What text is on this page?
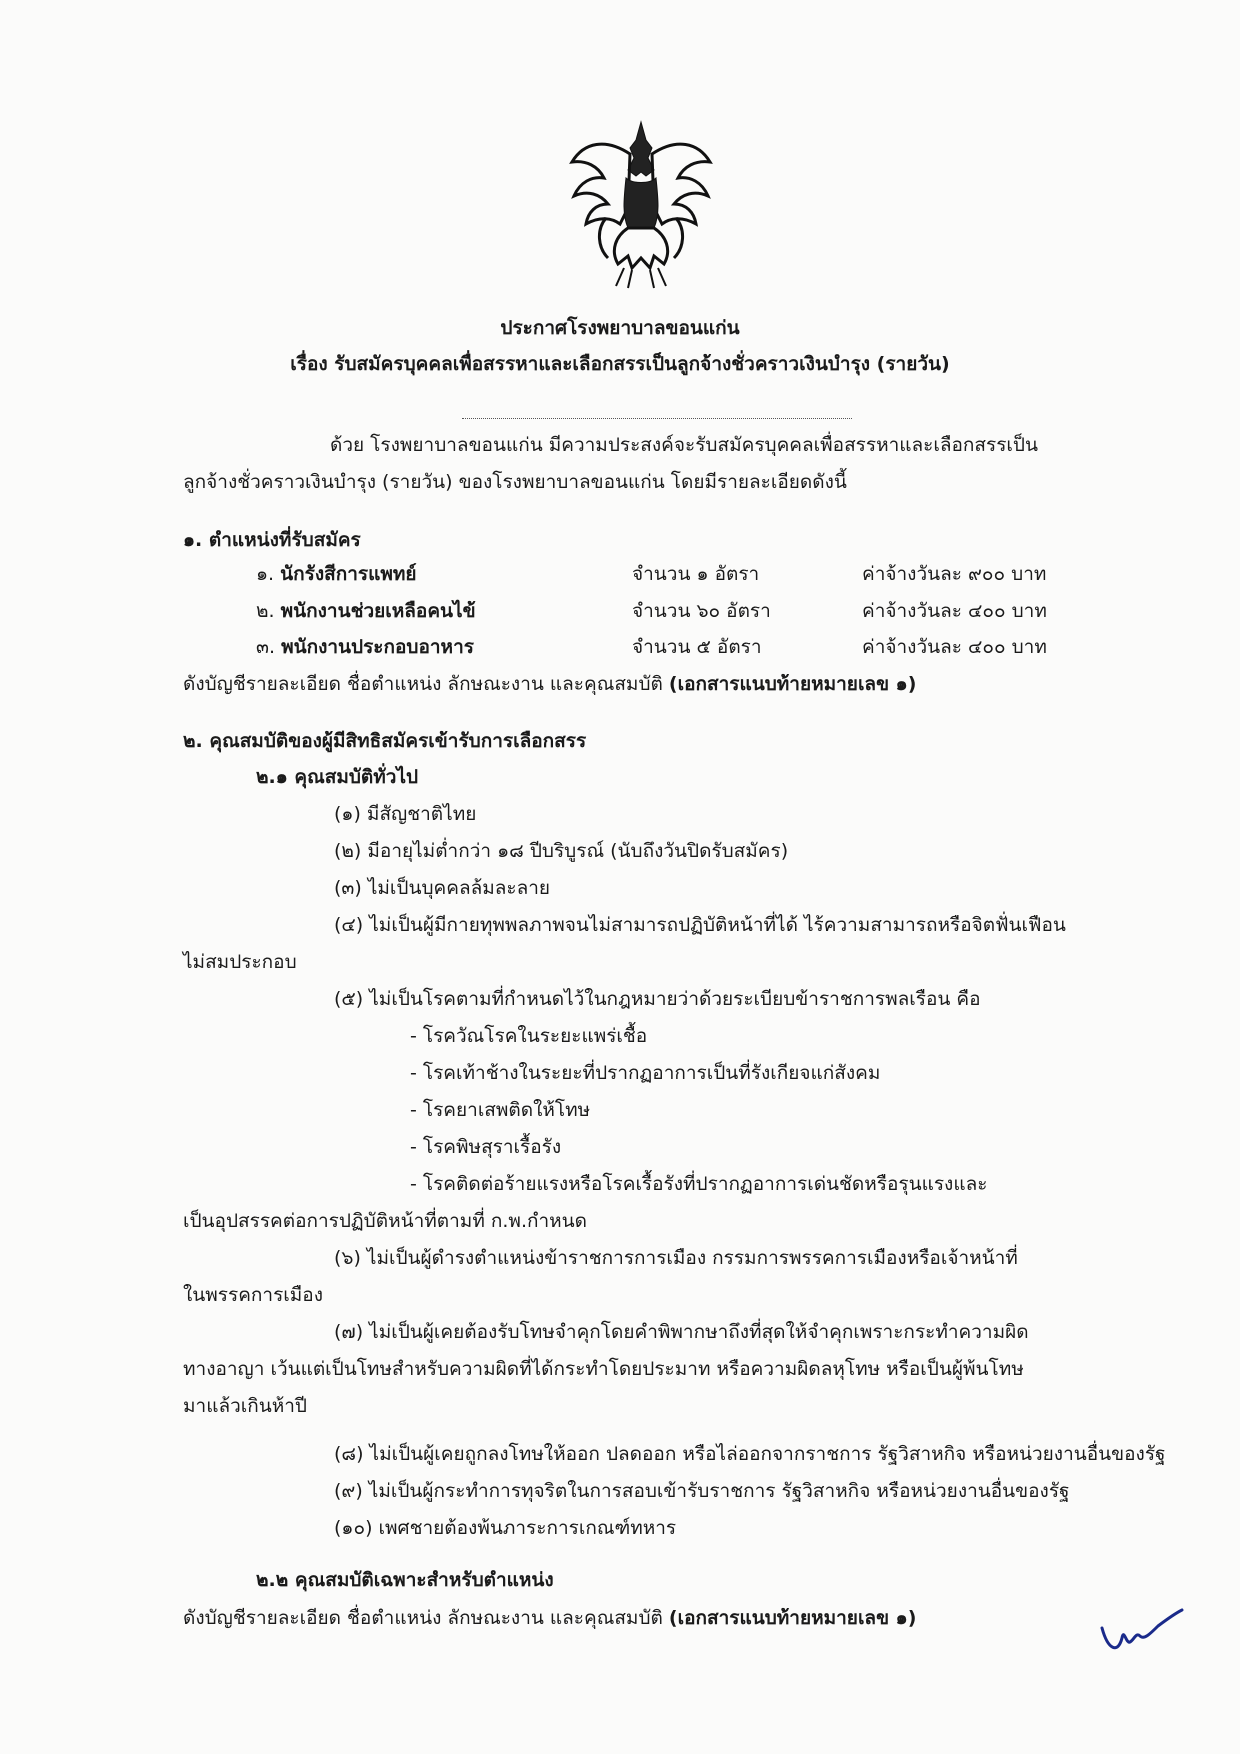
ประกาศโรงพยาบาลขอนแก่น
เรื่อง รับสมัครบุคคลเพื่อสรรหาและเลือกสรรเป็นลูกจ้างชั่วคราวเงินบำรุง (รายวัน)
ด้วย โรงพยาบาลขอนแก่น มีความประสงค์จะรับสมัครบุคคลเพื่อสรรหาและเลือกสรรเป็น
ลูกจ้างชั่วคราวเงินบำรุง (รายวัน) ของโรงพยาบาลขอนแก่น โดยมีรายละเอียดดังนี้
๑. ตำแหน่งที่รับสมัคร
๑. นักรังสีการแพทย์	จำนวน ๑ อัตรา	ค่าจ้างวันละ ๙๐๐ บาท
๒. พนักงานช่วยเหลือคนไข้	จำนวน ๖๐ อัตรา	ค่าจ้างวันละ ๔๐๐ บาท
๓. พนักงานประกอบอาหาร	จำนวน ๕ อัตรา	ค่าจ้างวันละ ๔๐๐ บาท
ดังบัญชีรายละเอียด ชื่อตำแหน่ง ลักษณะงาน และคุณสมบัติ (เอกสารแนบท้ายหมายเลข ๑)
๒. คุณสมบัติของผู้มีสิทธิสมัครเข้ารับการเลือกสรร
๒.๑ คุณสมบัติทั่วไป
(๑) มีสัญชาติไทย
(๒) มีอายุไม่ต่ำกว่า ๑๘ ปีบริบูรณ์ (นับถึงวันปิดรับสมัคร)
(๓) ไม่เป็นบุคคลล้มละลาย
(๔) ไม่เป็นผู้มีกายทุพพลภาพจนไม่สามารถปฏิบัติหน้าที่ได้ ไร้ความสามารถหรือจิตฟั่นเฟือน
ไม่สมประกอบ
(๕) ไม่เป็นโรคตามที่กำหนดไว้ในกฎหมายว่าด้วยระเบียบข้าราชการพลเรือน คือ
- โรควัณโรคในระยะแพร่เชื้อ
- โรคเท้าช้างในระยะที่ปรากฏอาการเป็นที่รังเกียจแก่สังคม
- โรคยาเสพติดให้โทษ
- โรคพิษสุราเรื้อรัง
- โรคติดต่อร้ายแรงหรือโรคเรื้อรังที่ปรากฏอาการเด่นชัดหรือรุนแรงและ
เป็นอุปสรรคต่อการปฏิบัติหน้าที่ตามที่ ก.พ.กำหนด
(๖) ไม่เป็นผู้ดำรงตำแหน่งข้าราชการการเมือง กรรมการพรรคการเมืองหรือเจ้าหน้าที่
ในพรรคการเมือง
(๗) ไม่เป็นผู้เคยต้องรับโทษจำคุกโดยคำพิพากษาถึงที่สุดให้จำคุกเพราะกระทำความผิด
ทางอาญา เว้นแต่เป็นโทษสำหรับความผิดที่ได้กระทำโดยประมาท หรือความผิดลหุโทษ หรือเป็นผู้พ้นโทษ
มาแล้วเกินห้าปี
(๘) ไม่เป็นผู้เคยถูกลงโทษให้ออก ปลดออก หรือไล่ออกจากราชการ รัฐวิสาหกิจ หรือหน่วยงานอื่นของรัฐ
(๙) ไม่เป็นผู้กระทำการทุจริตในการสอบเข้ารับราชการ รัฐวิสาหกิจ หรือหน่วยงานอื่นของรัฐ
(๑๐) เพศชายต้องพ้นภาระการเกณฑ์ทหาร
๒.๒ คุณสมบัติเฉพาะสำหรับตำแหน่ง
ดังบัญชีรายละเอียด ชื่อตำแหน่ง ลักษณะงาน และคุณสมบัติ (เอกสารแนบท้ายหมายเลข ๑)
